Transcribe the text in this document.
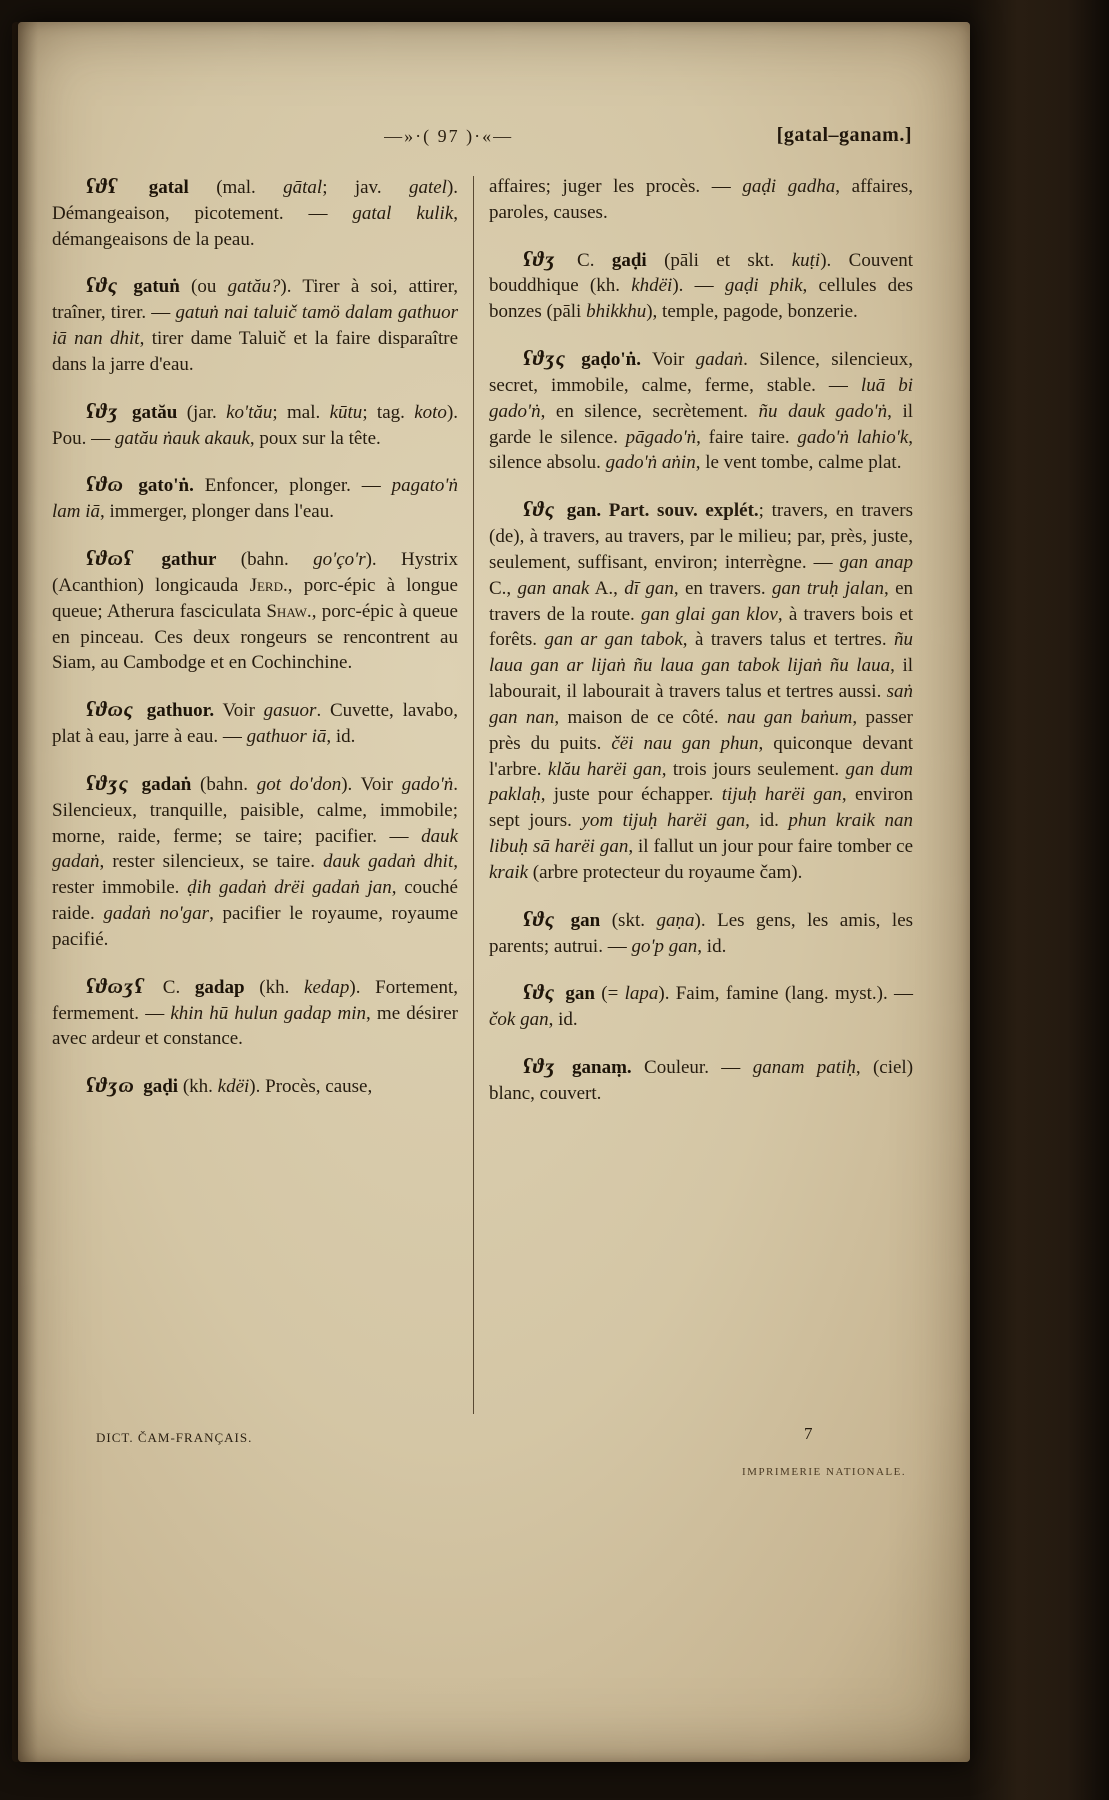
—»·( 97 )·«—	[gatal–ganam.]

ʕϑʕ gatal (mal. gātal; jav. gatel). Démangeaison, picotement. — gatal kulik, démangeaisons de la peau.

ʕϑς gatuṅ (ou gatău?). Tirer à soi, attirer, traîner, tirer. — gatuṅ nai taluič tamö dalam gathuor iā nan dhit, tirer dame Taluič et la faire disparaître dans la jarre d'eau.

ʕϑʒ gatău (jar. ko'tău; mal. kūtu; tag. koto). Pou. — gatău ṅauk akauk, poux sur la tête.

ʕϑɷ gato'ṅ. Enfoncer, plonger. — pagato'ṅ lam iā, immerger, plonger dans l'eau.

ʕϑɷʕ gathur (bahn. go'ço'r). Hystrix (Acanthion) longicauda Jerd., porc-épic à longue queue; Atherura fasciculata Shaw., porc-épic à queue en pinceau. Ces deux rongeurs se rencontrent au Siam, au Cambodge et en Cochinchine.

ʕϑɷς gathuor. Voir gasuor. Cuvette, lavabo, plat à eau, jarre à eau. — gathuor iā, id.

ʕϑʒς gadaṅ (bahn. got do'don). Voir gado'ṅ. Silencieux, tranquille, paisible, calme, immobile; morne, raide, ferme; se taire; pacifier. — dauk gadaṅ, rester silencieux, se taire. dauk gadaṅ dhit, rester immobile. ḍih gadaṅ drëi gadaṅ jan, couché raide. gadaṅ no'gar, pacifier le royaume, royaume pacifié.

ʕϑɷʒʕ C. gadap (kh. kedap). Fortement, fermement. — khin hū hulun gadap min, me désirer avec ardeur et constance.

ʕϑʒɷ gaḍi (kh. kdëi). Procès, cause,

affaires; juger les procès. — gaḍi gadha, affaires, paroles, causes.

ʕϑʒ C. gaḍi (pāli et skt. kuṭi). Couvent bouddhique (kh. khdëi). — gaḍi phik, cellules des bonzes (pāli bhikkhu), temple, pagode, bonzerie.

ʕϑʒς gaḍo'ṅ. Voir gadaṅ. Silence, silencieux, secret, immobile, calme, ferme, stable. — luā bi gado'ṅ, en silence, secrètement. ñu dauk gado'ṅ, il garde le silence. pāgado'ṅ, faire taire. gado'ṅ lahio'k, silence absolu. gado'ṅ aṅin, le vent tombe, calme plat.

ʕϑς gan. Part. souv. explét.; travers, en travers (de), à travers, au travers, par le milieu; par, près, juste, seulement, suffisant, environ; interrègne. — gan anap C., gan anak A., dī gan, en travers. gan truḥ jalan, en travers de la route. gan glai gan klov, à travers bois et forêts. gan ar gan tabok, à travers talus et tertres. ñu laua gan ar lijaṅ ñu laua gan tabok lijaṅ ñu laua, il labourait, il labourait à travers talus et tertres aussi. saṅ gan nan, maison de ce côté. nau gan baṅum, passer près du puits. čëi nau gan phun, quiconque devant l'arbre. klău harëi gan, trois jours seulement. gan dum paklaḥ, juste pour échapper. tijuḥ harëi gan, environ sept jours. yom tijuḥ harëi gan, id. phun kraik nan libuḥ sā harëi gan, il fallut un jour pour faire tomber ce kraik (arbre protecteur du royaume čam).

ʕϑς gan (skt. gaṇa). Les gens, les amis, les parents; autrui. — go'p gan, id.

ʕϑς gan (= lapa). Faim, famine (lang. myst.). — čok gan, id.

ʕϑʒ ganaṃ. Couleur. — ganam patiḥ, (ciel) blanc, couvert.

DICT. ČAM-FRANÇAIS.	7
IMPRIMERIE NATIONALE.
